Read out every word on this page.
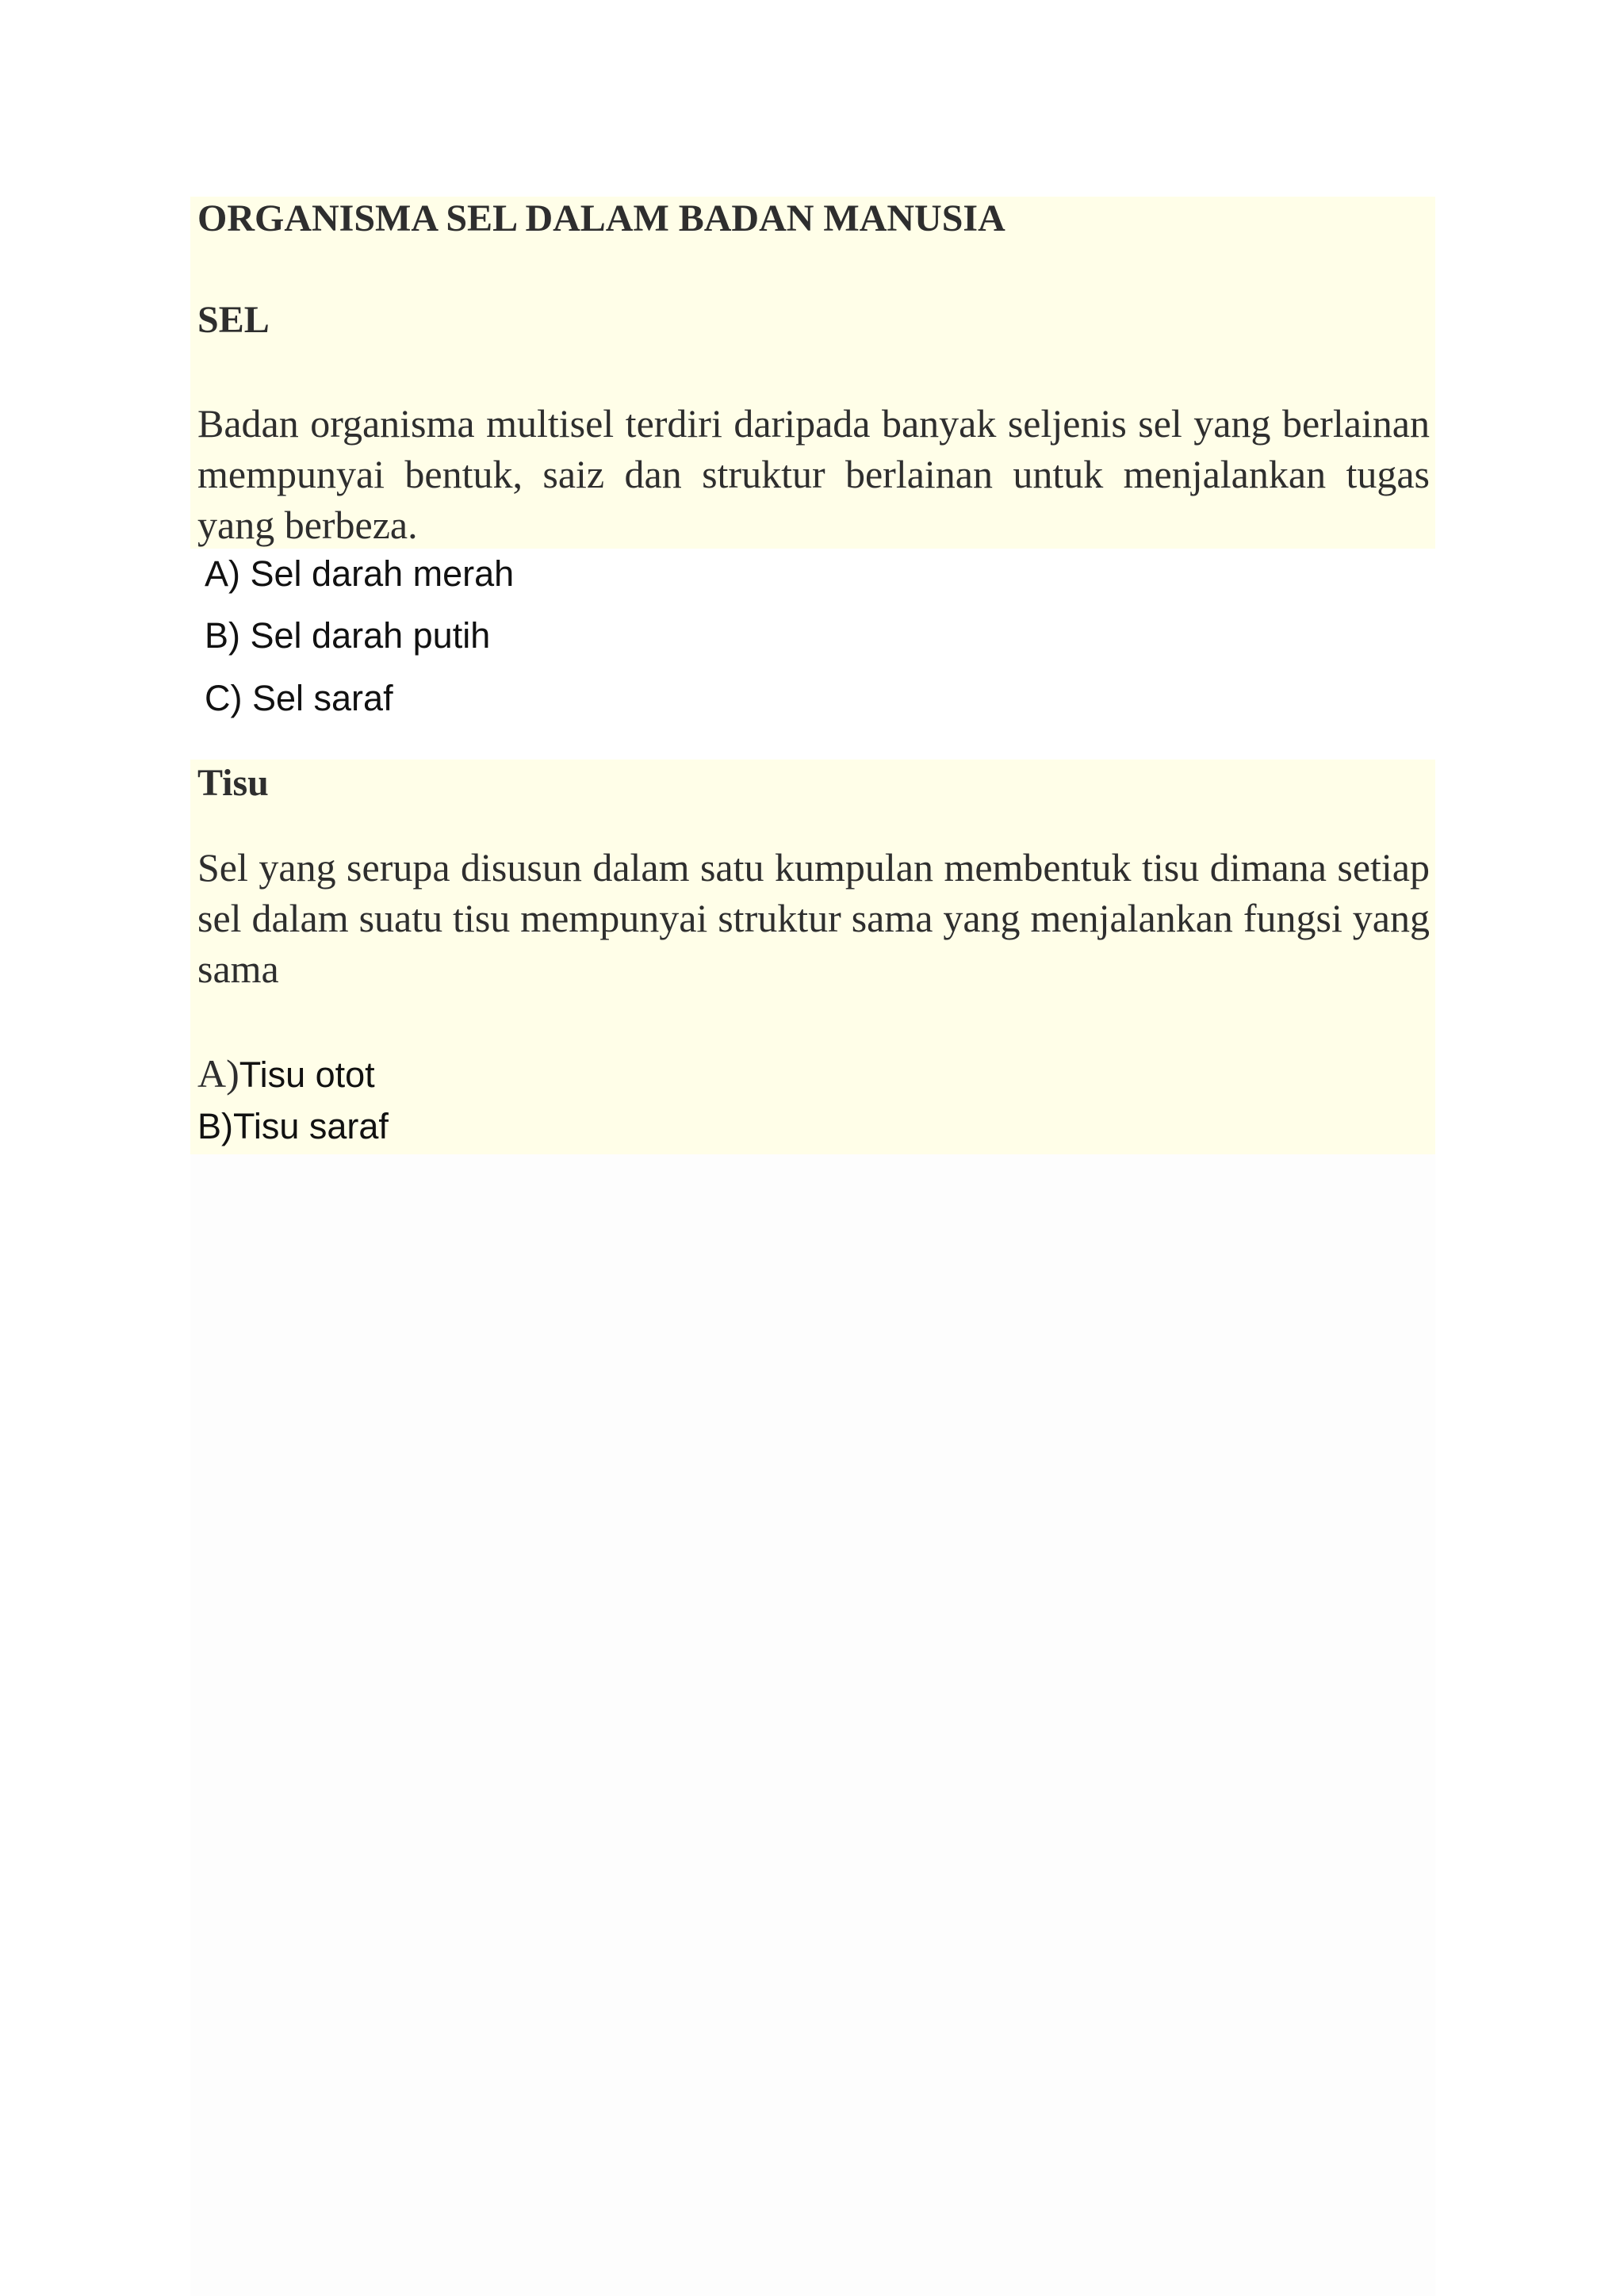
ORGANISMA SEL DALAM BADAN MANUSIA
SEL

Badan organisma multisel terdiri daripada banyak seljenis sel yang berlainan mempunyai bentuk, saiz dan struktur berlainan untuk menjalankan tugas yang berbeza.

A) Sel darah merah

B) Sel darah putih

C) Sel saraf

Tisu

Sel yang serupa disusun dalam satu kumpulan membentuk tisu dimana setiap sel dalam suatu tisu mempunyai struktur sama yang menjalankan fungsi yang sama

A)Tisu otot

B)Tisu saraf
